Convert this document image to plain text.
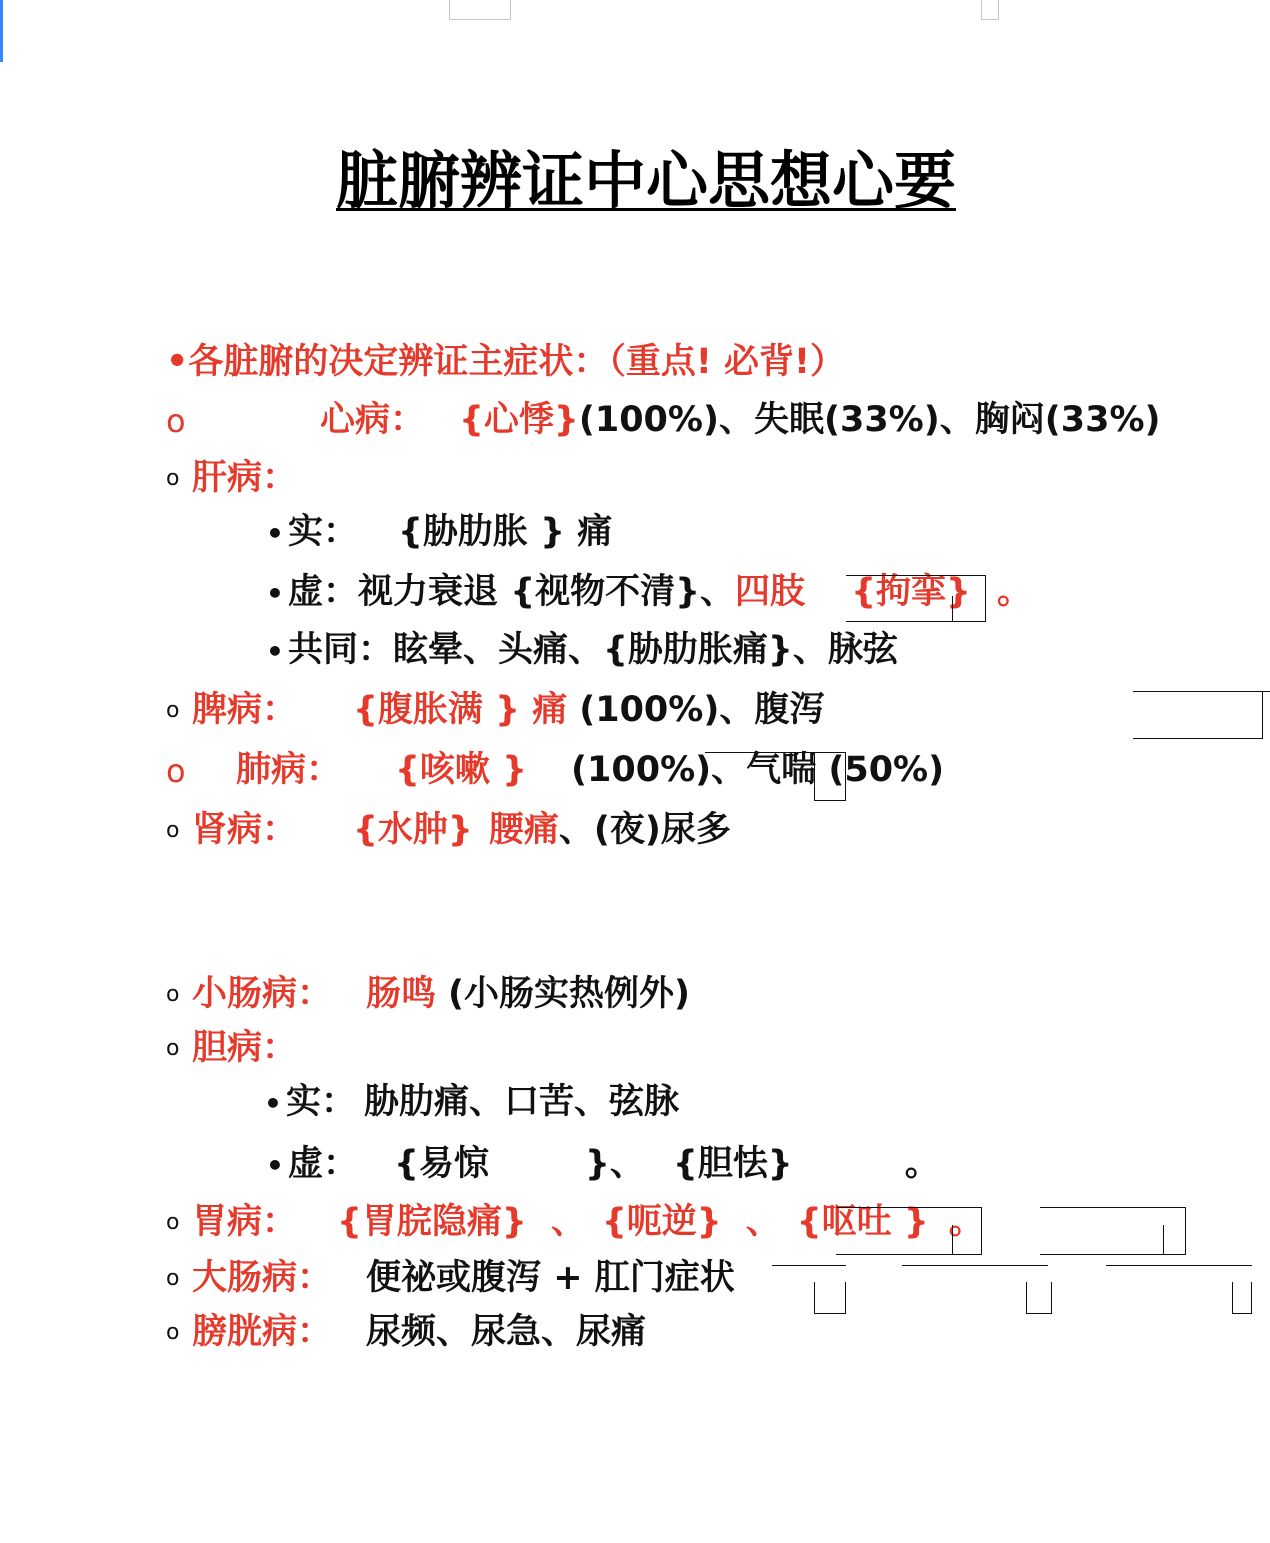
脏腑辨证中心思想心要
•各脏腑的决定辨证主症状：（重点! 必背!）
o	心病： {心悸}(100%)、失眠(33%)、胸闷(33%)
o 肝病：
• 实： {胁肋胀 } 痛
• 虚：视力衰退 {视物不清}、四肢 {拘挛} 。
• 共同：眩晕、头痛、{胁肋胀痛}、脉弦
o 脾病： {腹胀满 } 痛 (100%)、腹泻
o 肺病： {咳嗽 } (100%)、气喘 (50%)
o 肾病： {水肿} 腰痛、(夜)尿多
o 小肠病： 肠鸣 (小肠实热例外)
o 胆病：
• 实： 胁肋痛、口苦、弦脉
• 虚： {易惊	}、 {胆怯}	。
o 胃病： {胃脘隐痛} 、 {呃逆} 、 {呕吐 } 。
o 大肠病： 便祕或腹泻 + 肛门症状
o 膀胱病： 尿频、尿急、尿痛
